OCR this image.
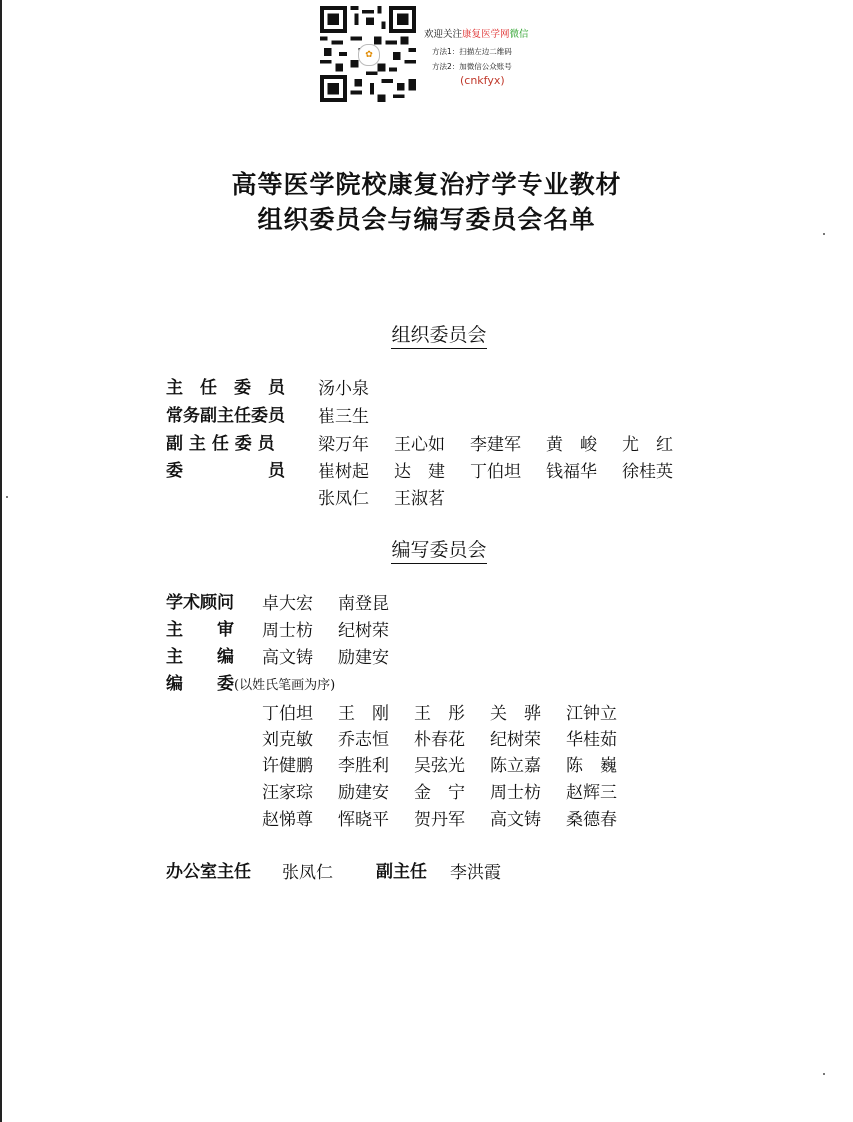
✿
欢迎关注康复医学网微信
方法1：扫描左边二维码
方法2：加微信公众账号
(cnkfyx)
高等医学院校康复治疗学专业教材
组织委员会与编写委员会名单
组织委员会
主　任　委　员 汤小泉
常务副主任委员 崔三生
副 主 任 委 员	梁万年 王心如 李建军 黄　峻 尤　红
委　　　　　员 崔树起 达　建 丁伯坦 钱福华 徐桂英
张凤仁 王淑茗
编写委员会
学术顾问 卓大宏 南登昆
主　　审 周士枋 纪树荣
主　　编 高文铸 励建安
编　　委(以姓氏笔画为序)
丁伯坦 王　刚 王　彤 关　骅 江钟立
刘克敏 乔志恒 朴春花 纪树荣 华桂茹
许健鹏 李胜利 吴弦光 陈立嘉 陈　巍
汪家琮 励建安 金　宁 周士枋 赵辉三
赵悌尊 恽晓平 贺丹军 高文铸 桑德春
办公室主任 张凤仁	副主任 李洪霞
